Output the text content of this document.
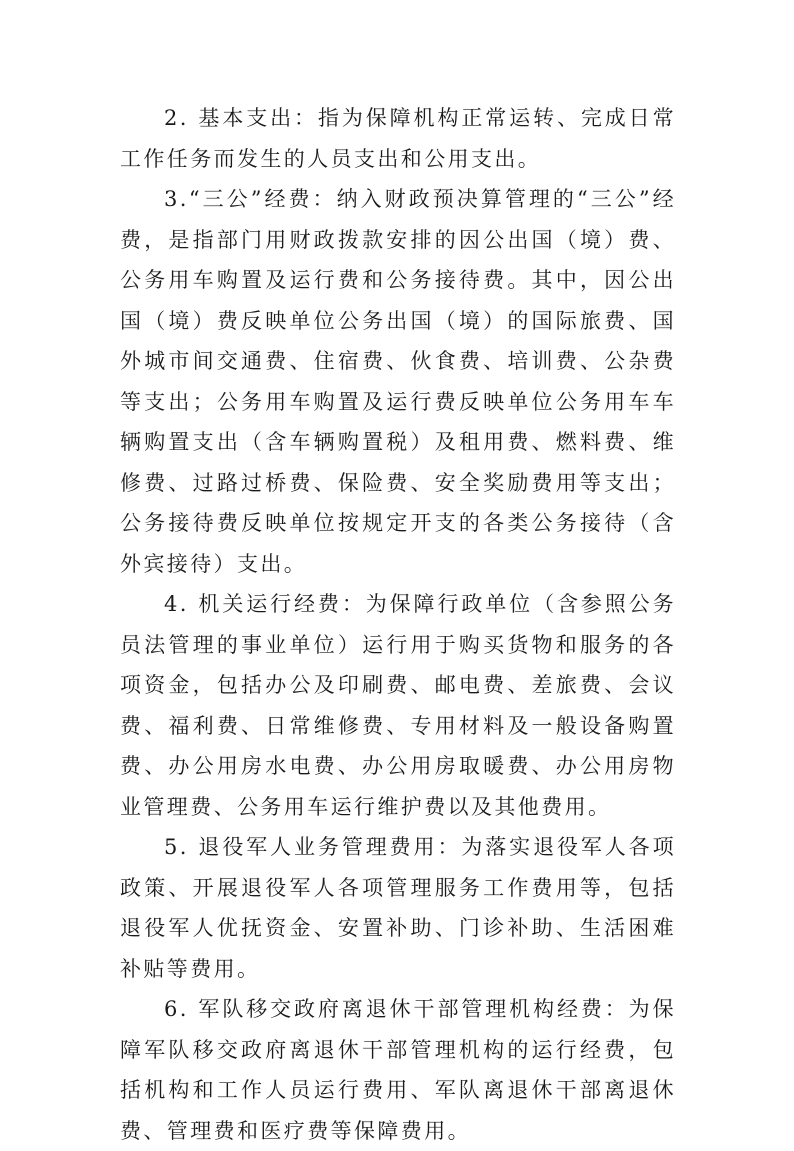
2. 基本支出：指为保障机构正常运转、完成日常工作任务而发生的人员支出和公用支出。

3.“三公”经费：纳入财政预决算管理的“三公”经费，是指部门用财政拨款安排的因公出国（境）费、公务用车购置及运行费和公务接待费。其中，因公出国（境）费反映单位公务出国（境）的国际旅费、国外城市间交通费、住宿费、伙食费、培训费、公杂费等支出；公务用车购置及运行费反映单位公务用车车辆购置支出（含车辆购置税）及租用费、燃料费、维修费、过路过桥费、保险费、安全奖励费用等支出；公务接待费反映单位按规定开支的各类公务接待（含外宾接待）支出。

4. 机关运行经费：为保障行政单位（含参照公务员法管理的事业单位）运行用于购买货物和服务的各项资金，包括办公及印刷费、邮电费、差旅费、会议费、福利费、日常维修费、专用材料及一般设备购置费、办公用房水电费、办公用房取暖费、办公用房物业管理费、公务用车运行维护费以及其他费用。

5. 退役军人业务管理费用：为落实退役军人各项政策、开展退役军人各项管理服务工作费用等，包括退役军人优抚资金、安置补助、门诊补助、生活困难补贴等费用。

6. 军队移交政府离退休干部管理机构经费：为保障军队移交政府离退休干部管理机构的运行经费，包括机构和工作人员运行费用、军队离退休干部离退休费、管理费和医疗费等保障费用。
